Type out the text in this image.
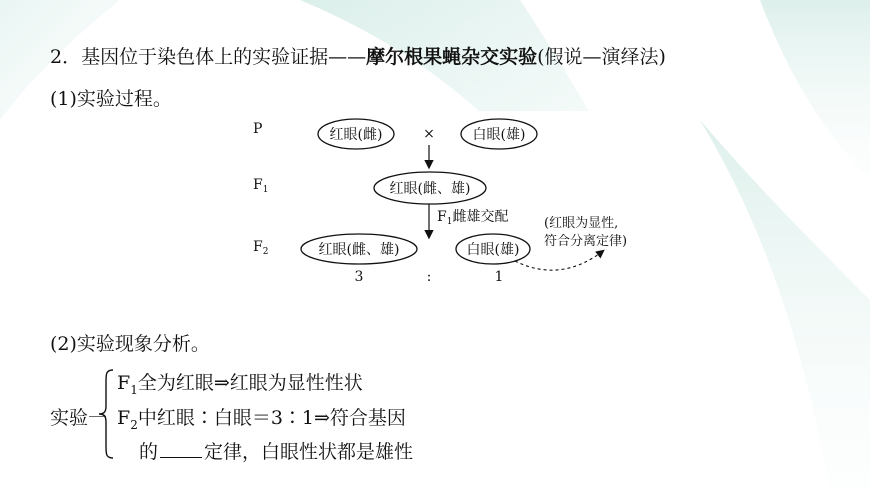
2．基因位于染色体上的实验证据——摩尔根果蝇杂交实验(假说—演绎法)
(1)实验过程。
P
$F_1$
$F_2$
红眼(雌)	×	白眼(雄)
红眼(雌、雄)
$F_1$雌雄交配
红眼(雌、雄)	白眼(雄)
3	:	1
(红眼为显性,
符合分离定律)
(2)实验现象分析。
实验一
$F_1$全为红眼⇒红眼为显性性状
$F_2$中红眼∶白眼＝3∶1⇒符合基因
的 定律，白眼性状都是雄性
